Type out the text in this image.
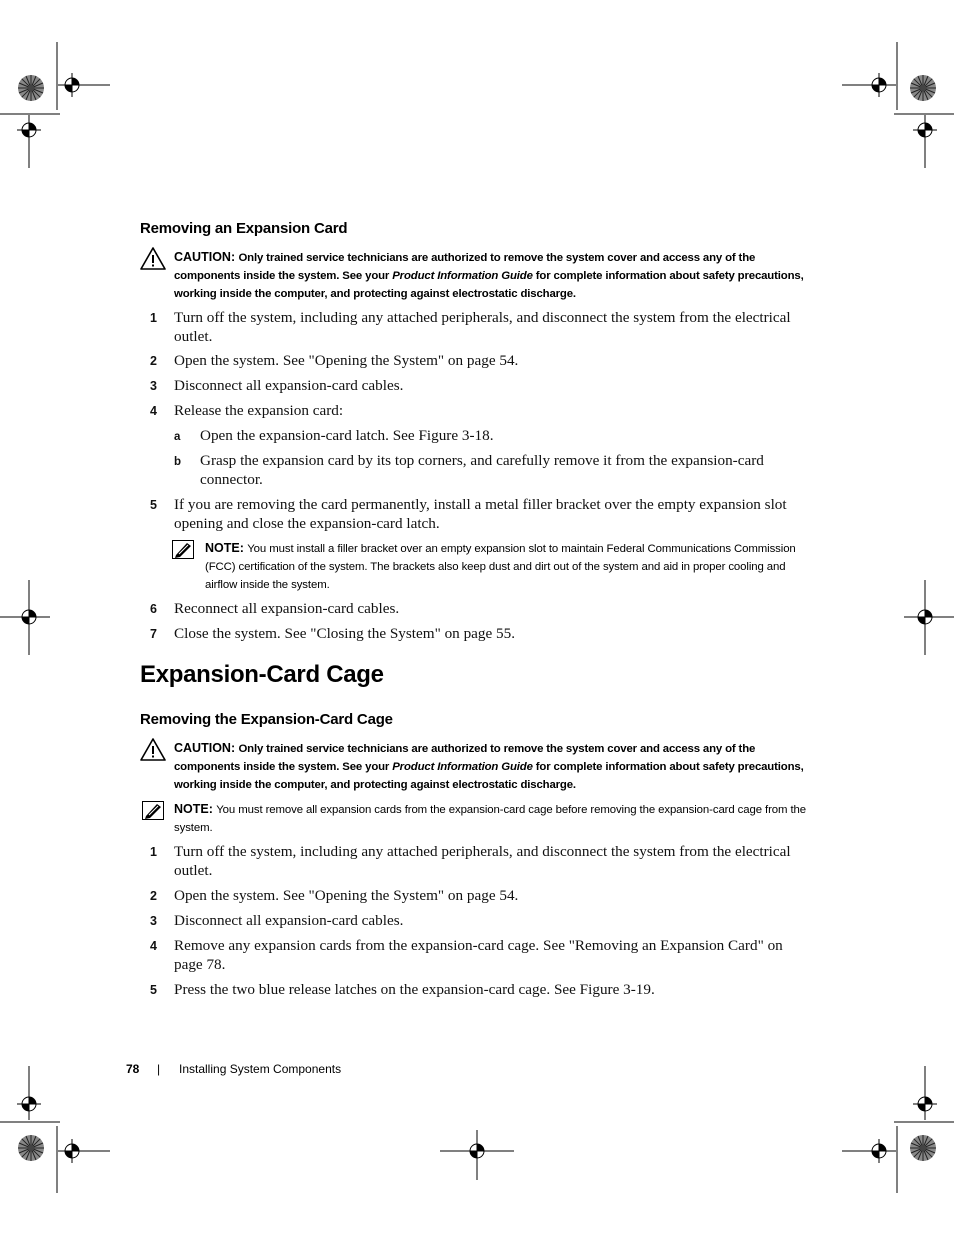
Removing an Expansion Card
CAUTION: Only trained service technicians are authorized to remove the system cover and access any of the components inside the system. See your Product Information Guide for complete information about safety precautions, working inside the computer, and protecting against electrostatic discharge.
1 Turn off the system, including any attached peripherals, and disconnect the system from the electrical outlet.
2 Open the system. See "Opening the System" on page 54.
3 Disconnect all expansion-card cables.
4 Release the expansion card:
a Open the expansion-card latch. See Figure 3-18.
b Grasp the expansion card by its top corners, and carefully remove it from the expansion-card connector.
5 If you are removing the card permanently, install a metal filler bracket over the empty expansion slot opening and close the expansion-card latch.
NOTE: You must install a filler bracket over an empty expansion slot to maintain Federal Communications Commission (FCC) certification of the system. The brackets also keep dust and dirt out of the system and aid in proper cooling and airflow inside the system.
6 Reconnect all expansion-card cables.
7 Close the system. See "Closing the System" on page 55.
Expansion-Card Cage
Removing the Expansion-Card Cage
CAUTION: Only trained service technicians are authorized to remove the system cover and access any of the components inside the system. See your Product Information Guide for complete information about safety precautions, working inside the computer, and protecting against electrostatic discharge.
NOTE: You must remove all expansion cards from the expansion-card cage before removing the expansion-card cage from the system.
1 Turn off the system, including any attached peripherals, and disconnect the system from the electrical outlet.
2 Open the system. See "Opening the System" on page 54.
3 Disconnect all expansion-card cables.
4 Remove any expansion cards from the expansion-card cage. See "Removing an Expansion Card" on page 78.
5 Press the two blue release latches on the expansion-card cage. See Figure 3-19.
78 | Installing System Components
